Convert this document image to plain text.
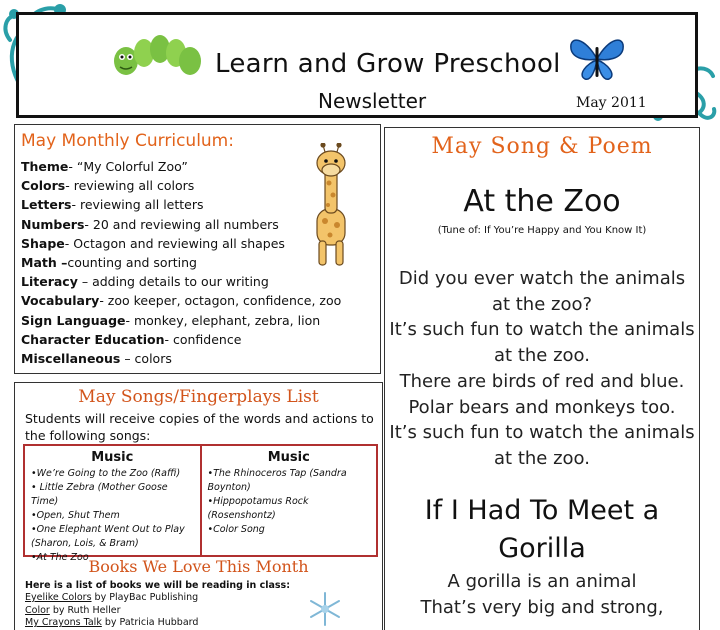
Learn and Grow Preschool
Newsletter	May 2011
May Monthly Curriculum:
Theme- “My Colorful Zoo”
Colors- reviewing all colors
Letters- reviewing all letters
Numbers- 20 and reviewing all numbers
Shape- Octagon and reviewing all shapes
Math –counting and sorting
Literacy – adding details to our writing
Vocabulary- zoo keeper, octagon, confidence, zoo
Sign Language- monkey, elephant, zebra, lion
Character Education- confidence
Miscellaneous – colors
May Songs/Fingerplays List
Students will receive copies of the words and actions to the following songs:
Music
•We’re Going to the Zoo (Raffi)
• Little Zebra (Mother Goose Time)
•Open, Shut Them
•One Elephant Went Out to Play (Sharon, Lois, & Bram)
•At The Zoo
Music
•The Rhinoceros Tap (Sandra Boynton)
•Hippopotamus Rock (Rosenshontz)
•Color Song
Books We Love This Month
Here is a list of books we will be reading in class:
Eyelike Colors by PlayBac Publishing
Color by Ruth Heller
My Crayons Talk by Patricia Hubbard
May Song & Poem
At the Zoo
(Tune of: If You’re Happy and You Know It)
Did you ever watch the animals
at the zoo?
It’s such fun to watch the animals
at the zoo.
There are birds of red and blue.
Polar bears and monkeys too.
It’s such fun to watch the animals
at the zoo.
If I Had To Meet a
Gorilla
A gorilla is an animal
That’s very big and strong,
